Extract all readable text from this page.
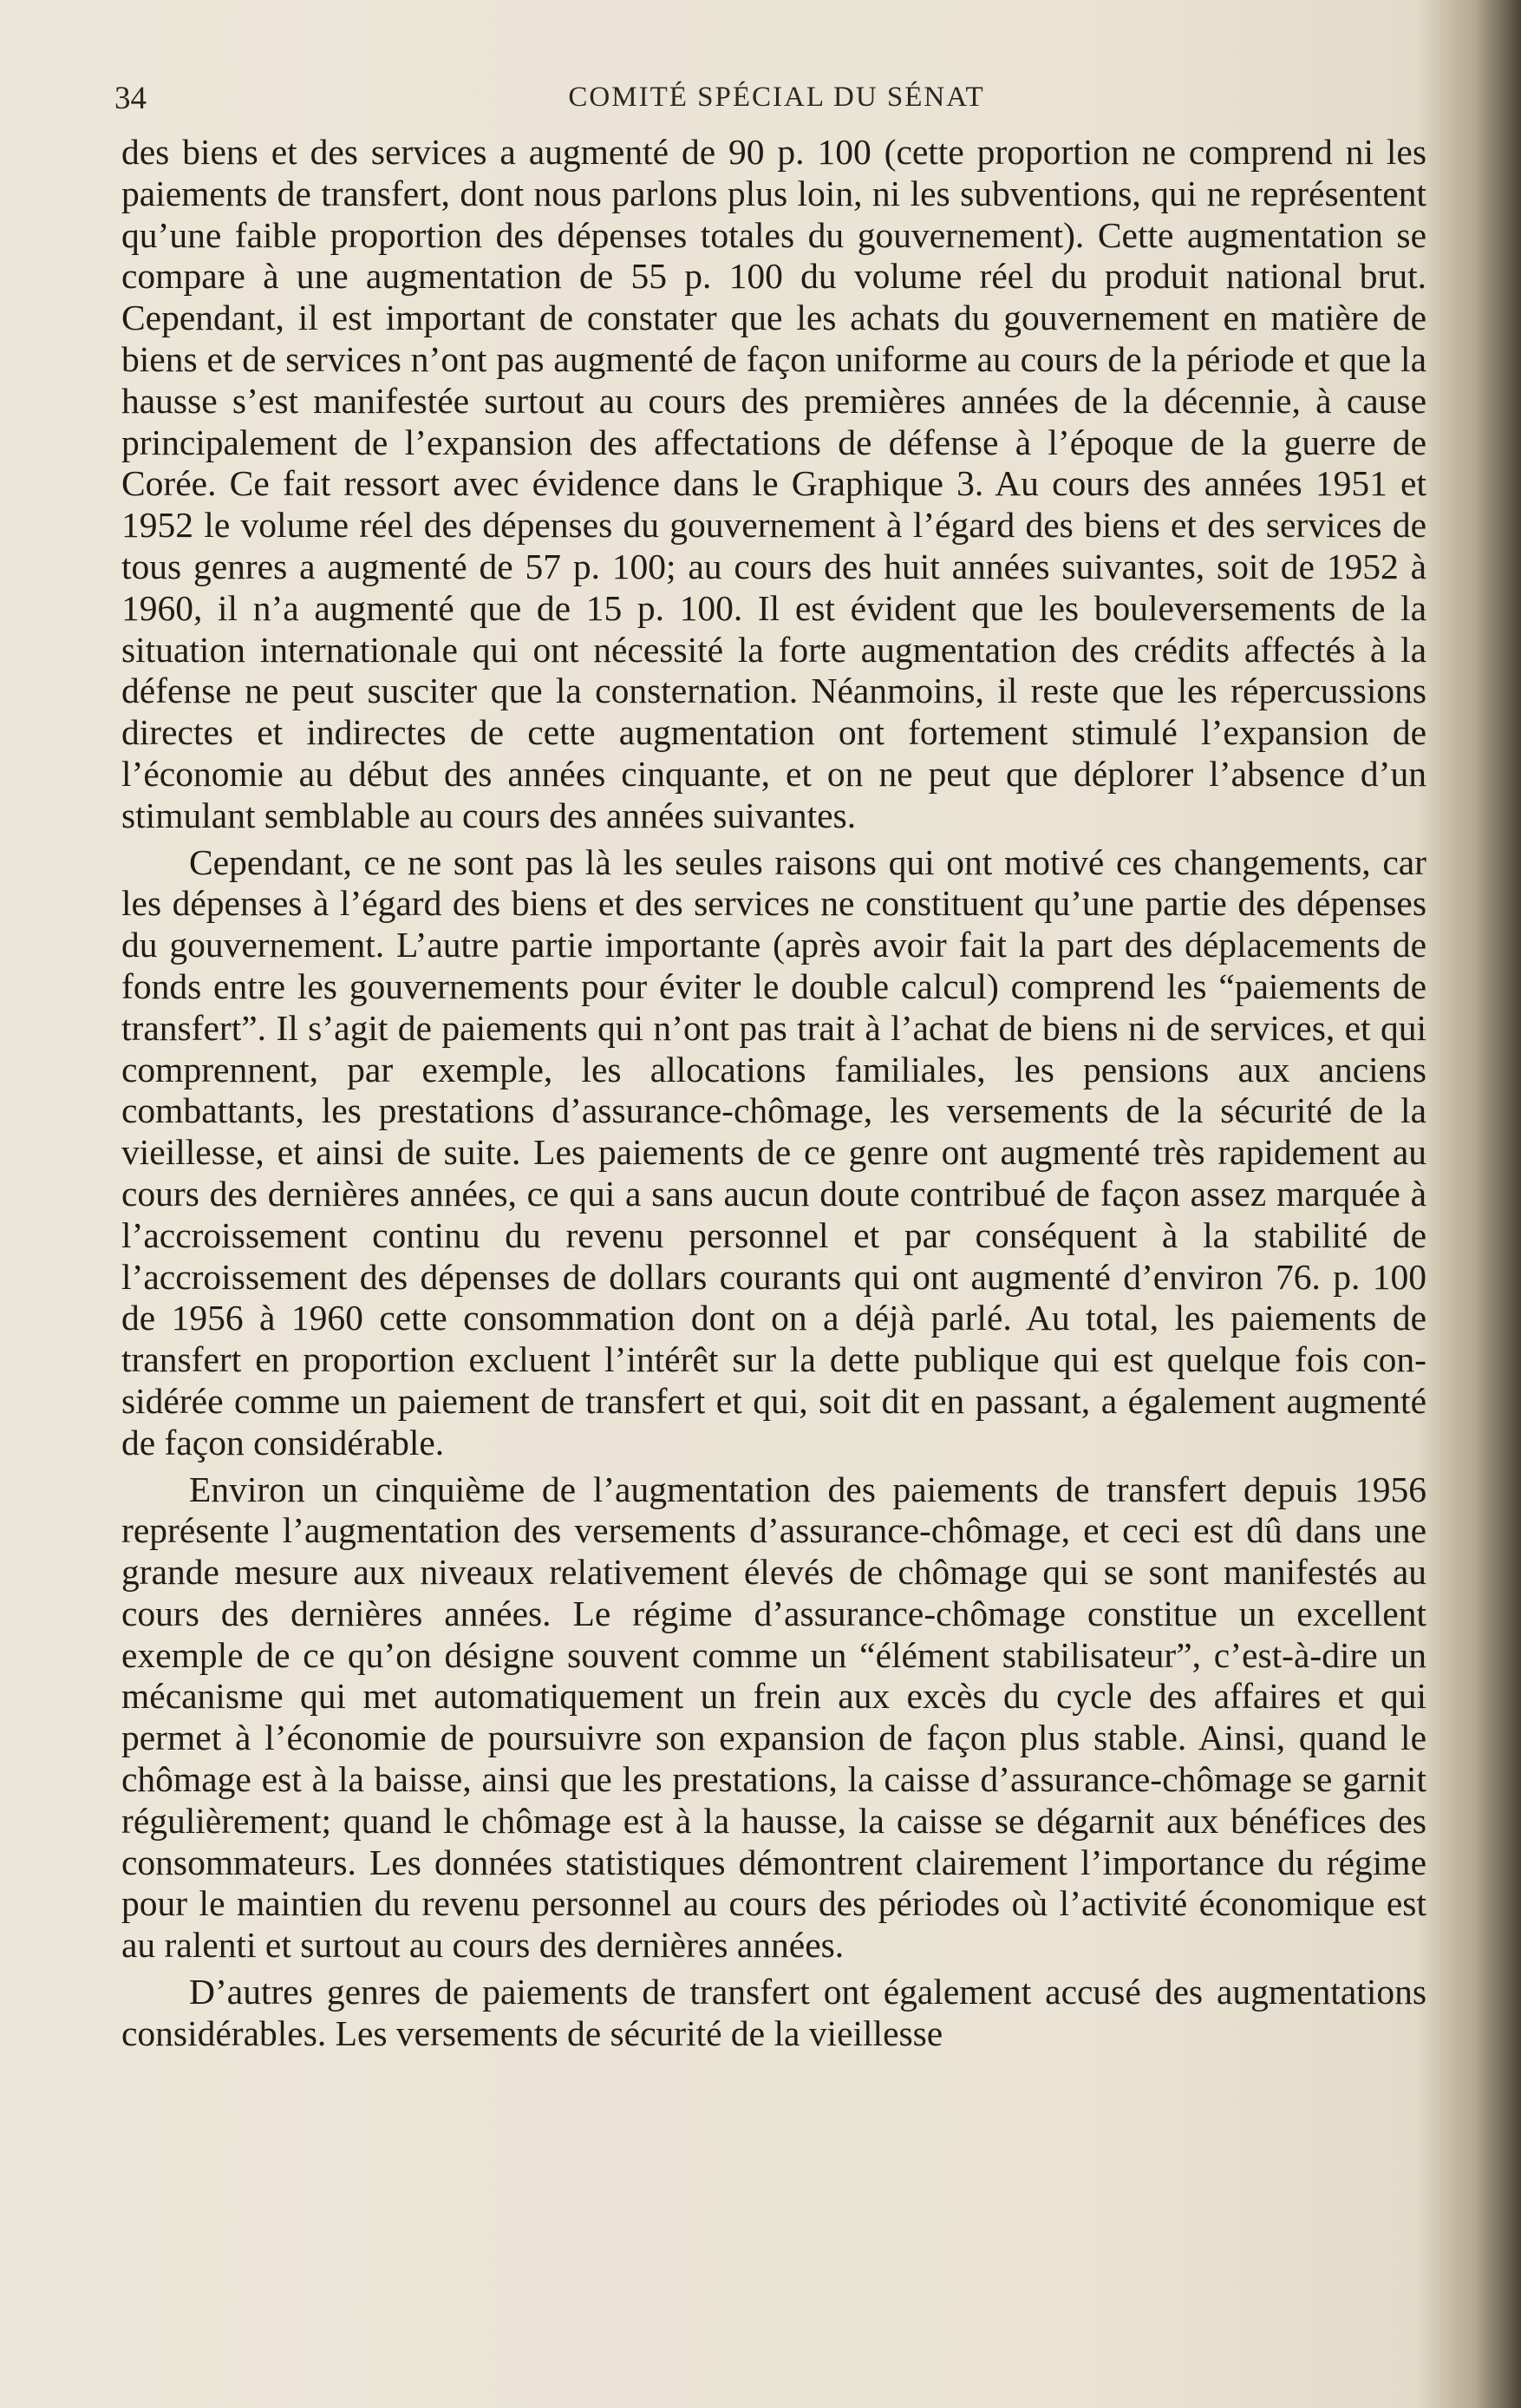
34	COMITÉ SPÉCIAL DU SÉNAT

des biens et des services a augmenté de 90 p. 100 (cette proportion ne comprend ni les paiements de transfert, dont nous parlons plus loin, ni les subventions, qui ne représentent qu’une faible proportion des dépenses totales du gouvernement). Cette augmentation se compare à une augmentation de 55 p. 100 du volume réel du produit national brut. Cependant, il est important de constater que les achats du gouvernement en matière de biens et de services n’ont pas augmenté de façon uniforme au cours de la période et que la hausse s’est manifestée surtout au cours des premières années de la décennie, à cause principalement de l’expansion des affectations de défense à l’époque de la guerre de Corée. Ce fait ressort avec évidence dans le Graphique 3. Au cours des années 1951 et 1952 le volume réel des dépenses du gouvernement à l’égard des biens et des services de tous genres a augmenté de 57 p. 100; au cours des huit années suivantes, soit de 1952 à 1960, il n’a augmenté que de 15 p. 100. Il est évident que les bouleversements de la situation internationale qui ont nécessité la forte augmentation des crédits affectés à la défense ne peut susciter que la consternation. Néanmoins, il reste que les répercussions directes et indirectes de cette augmentation ont fortement stimulé l’expansion de l’économie au début des années cinquante, et on ne peut que déplorer l’absence d’un stimulant semblable au cours des années suivantes.

Cependant, ce ne sont pas là les seules raisons qui ont motivé ces changements, car les dépenses à l’égard des biens et des services ne constituent qu’une partie des dépenses du gouvernement. L’autre partie importante (après avoir fait la part des déplacements de fonds entre les gouvernements pour éviter le double calcul) comprend les “paiements de transfert”. Il s’agit de paiements qui n’ont pas trait à l’achat de biens ni de services, et qui comprennent, par exemple, les allocations familiales, les pensions aux anciens combattants, les prestations d’assurance-chômage, les versements de la sécurité de la vieillesse, et ainsi de suite. Les paiements de ce genre ont augmenté très rapidement au cours des dernières années, ce qui a sans aucun doute contribué de façon assez marquée à l’accroissement continu du revenu personnel et par conséquent à la stabilité de l’accroissement des dépenses de dollars courants qui ont augmenté d’environ 76. p. 100 de 1956 à 1960 cette consommation dont on a déjà parlé. Au total, les paiements de transfert en proportion excluent l’intérêt sur la dette publique qui est quelque fois considérée comme un paiement de transfert et qui, soit dit en passant, a également augmenté de façon considérable.

Environ un cinquième de l’augmentation des paiements de transfert depuis 1956 représente l’augmentation des versements d’assurance-chômage, et ceci est dû dans une grande mesure aux niveaux relativement élevés de chômage qui se sont manifestés au cours des dernières années. Le régime d’assurance-chômage constitue un excellent exemple de ce qu’on désigne souvent comme un “élément stabilisateur”, c’est-à-dire un mécanisme qui met automatiquement un frein aux excès du cycle des affaires et qui permet à l’économie de poursuivre son expansion de façon plus stable. Ainsi, quand le chômage est à la baisse, ainsi que les prestations, la caisse d’assurance-chômage se garnit régulièrement; quand le chômage est à la hausse, la caisse se dégarnit aux bénéfices des consommateurs. Les données statistiques démontrent clairement l’importance du régime pour le maintien du revenu personnel au cours des périodes où l’activité économique est au ralenti et surtout au cours des dernières années.

D’autres genres de paiements de transfert ont également accusé des augmentations considérables. Les versements de sécurité de la vieillesse
